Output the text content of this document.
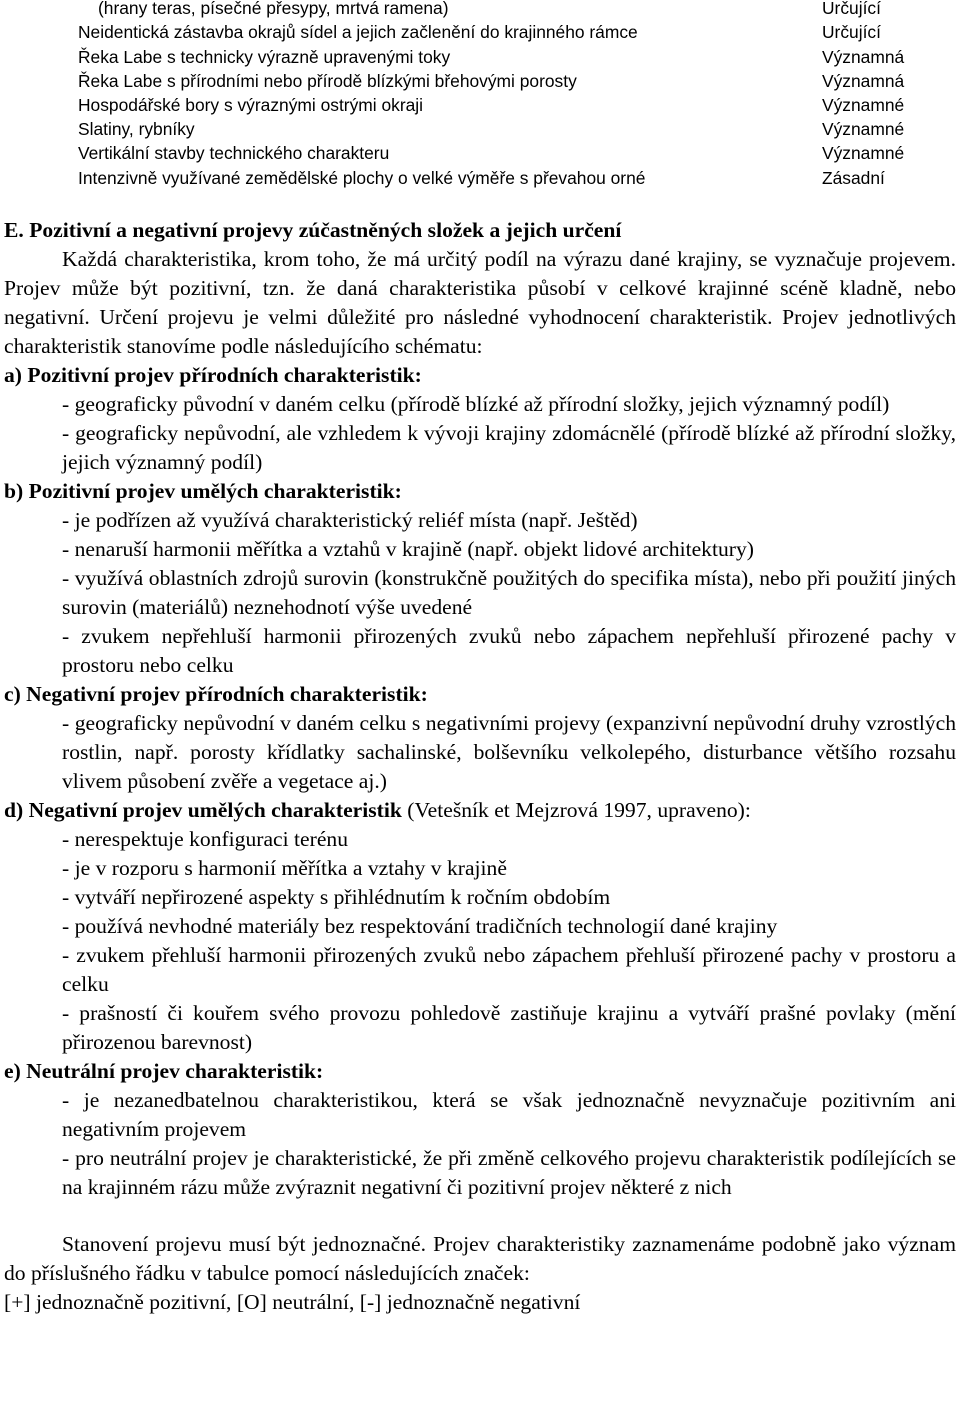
(hrany teras, písečné přesypy, mrtvá ramena)	Určující
Neidentická zástavba okrajů sídel a jejich začlenění do krajinného rámce	Určující
Řeka Labe s technicky výrazně upravenými toky	Významná
Řeka Labe s přírodními nebo přírodě blízkými břehovými porosty	Významná
Hospodářské bory s výraznými ostrými okraji	Významné
Slatiny, rybníky	Významné
Vertikální stavby technického charakteru	Významné
Intenzivně využívané zemědělské plochy o velké výměře s převahou orné	Zásadní

E. Pozitivní a negativní projevy zúčastněných složek a jejich určení

Každá charakteristika, krom toho, že má určitý podíl na výrazu dané krajiny, se vyznačuje projevem. Projev může být pozitivní, tzn. že daná charakteristika působí v celkové krajinné scéně kladně, nebo negativní. Určení projevu je velmi důležité pro následné vyhodnocení charakteristik. Projev jednotlivých charakteristik stanovíme podle následujícího schématu:

a) Pozitivní projev přírodních charakteristik:

- geograficky původní v daném celku (přírodě blízké až přírodní složky, jejich významný podíl)

- geograficky nepůvodní, ale vzhledem k vývoji krajiny zdomácnělé (přírodě blízké až přírodní složky, jejich významný podíl)

b) Pozitivní projev umělých charakteristik:

- je podřízen až využívá charakteristický reliéf místa (např. Ještěd)

- nenaruší harmonii měřítka a vztahů v krajině (např. objekt lidové architektury)

- využívá oblastních zdrojů surovin (konstrukčně použitých do specifika místa), nebo při použití jiných surovin (materiálů) neznehodnotí výše uvedené

- zvukem nepřehluší harmonii přirozených zvuků nebo zápachem nepřehluší přirozené pachy v prostoru nebo celku

c) Negativní projev přírodních charakteristik:

- geograficky nepůvodní v daném celku s negativními projevy (expanzivní nepůvodní druhy vzrostlých rostlin, např. porosty křídlatky sachalinské, bolševníku velkolepého, disturbance většího rozsahu vlivem působení zvěře a vegetace aj.)

d) Negativní projev umělých charakteristik (Vetešník et Mejzrová 1997, upraveno):

- nerespektuje konfiguraci terénu

- je v rozporu s harmonií měřítka a vztahy v krajině

- vytváří nepřirozené aspekty s přihlédnutím k ročním obdobím

- používá nevhodné materiály bez respektování tradičních technologií dané krajiny

- zvukem přehluší harmonii přirozených zvuků nebo zápachem přehluší přirozené pachy v prostoru a celku

- prašností či kouřem svého provozu pohledově zastiňuje krajinu a vytváří prašné povlaky (mění přirozenou barevnost)

e) Neutrální projev charakteristik:

- je nezanedbatelnou charakteristikou, která se však jednoznačně nevyznačuje pozitivním ani negativním projevem

- pro neutrální projev je charakteristické, že při změně celkového projevu charakteristik podílejících se na krajinném rázu může zvýraznit negativní či pozitivní projev některé z nich

Stanovení projevu musí být jednoznačné. Projev charakteristiky zaznamenáme podobně jako význam do příslušného řádku v tabulce pomocí následujících značek:

[+] jednoznačně pozitivní, [O] neutrální, [-] jednoznačně negativní
